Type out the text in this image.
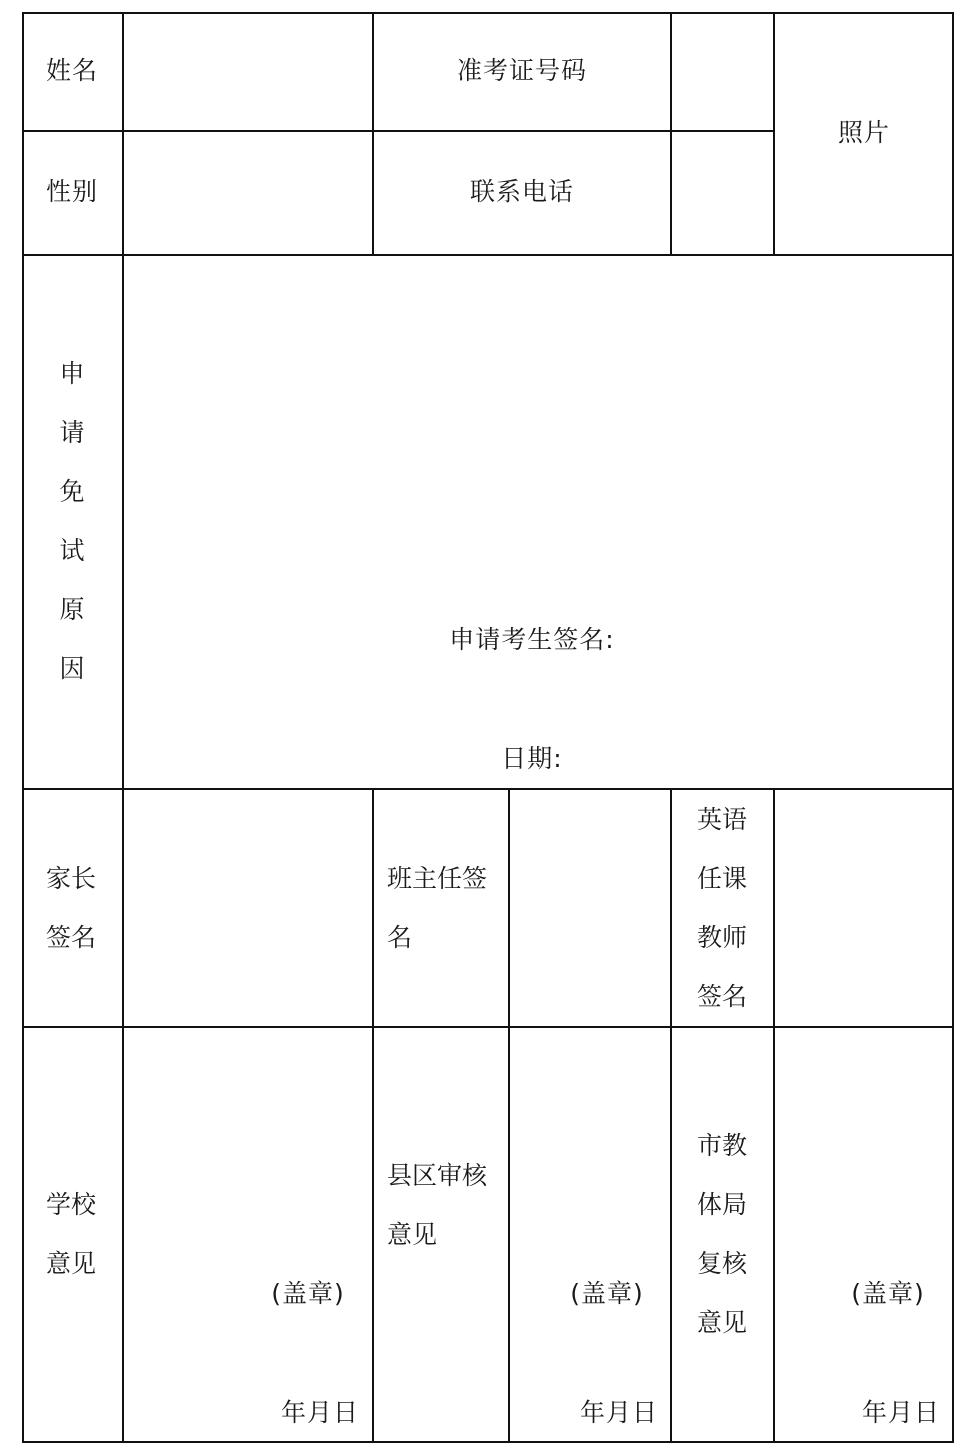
姓名	准考证号码
照片
性别	联系电话
申
请
免
试
原
因
申请考生签名:
日期:
家长
签名
班主任签
名
英语
任课
教师
签名
学校
意见
(盖章)
年月日
县区审核
意见
(盖章)
年月日
市教
体局
复核
意见
(盖章)
年月日
